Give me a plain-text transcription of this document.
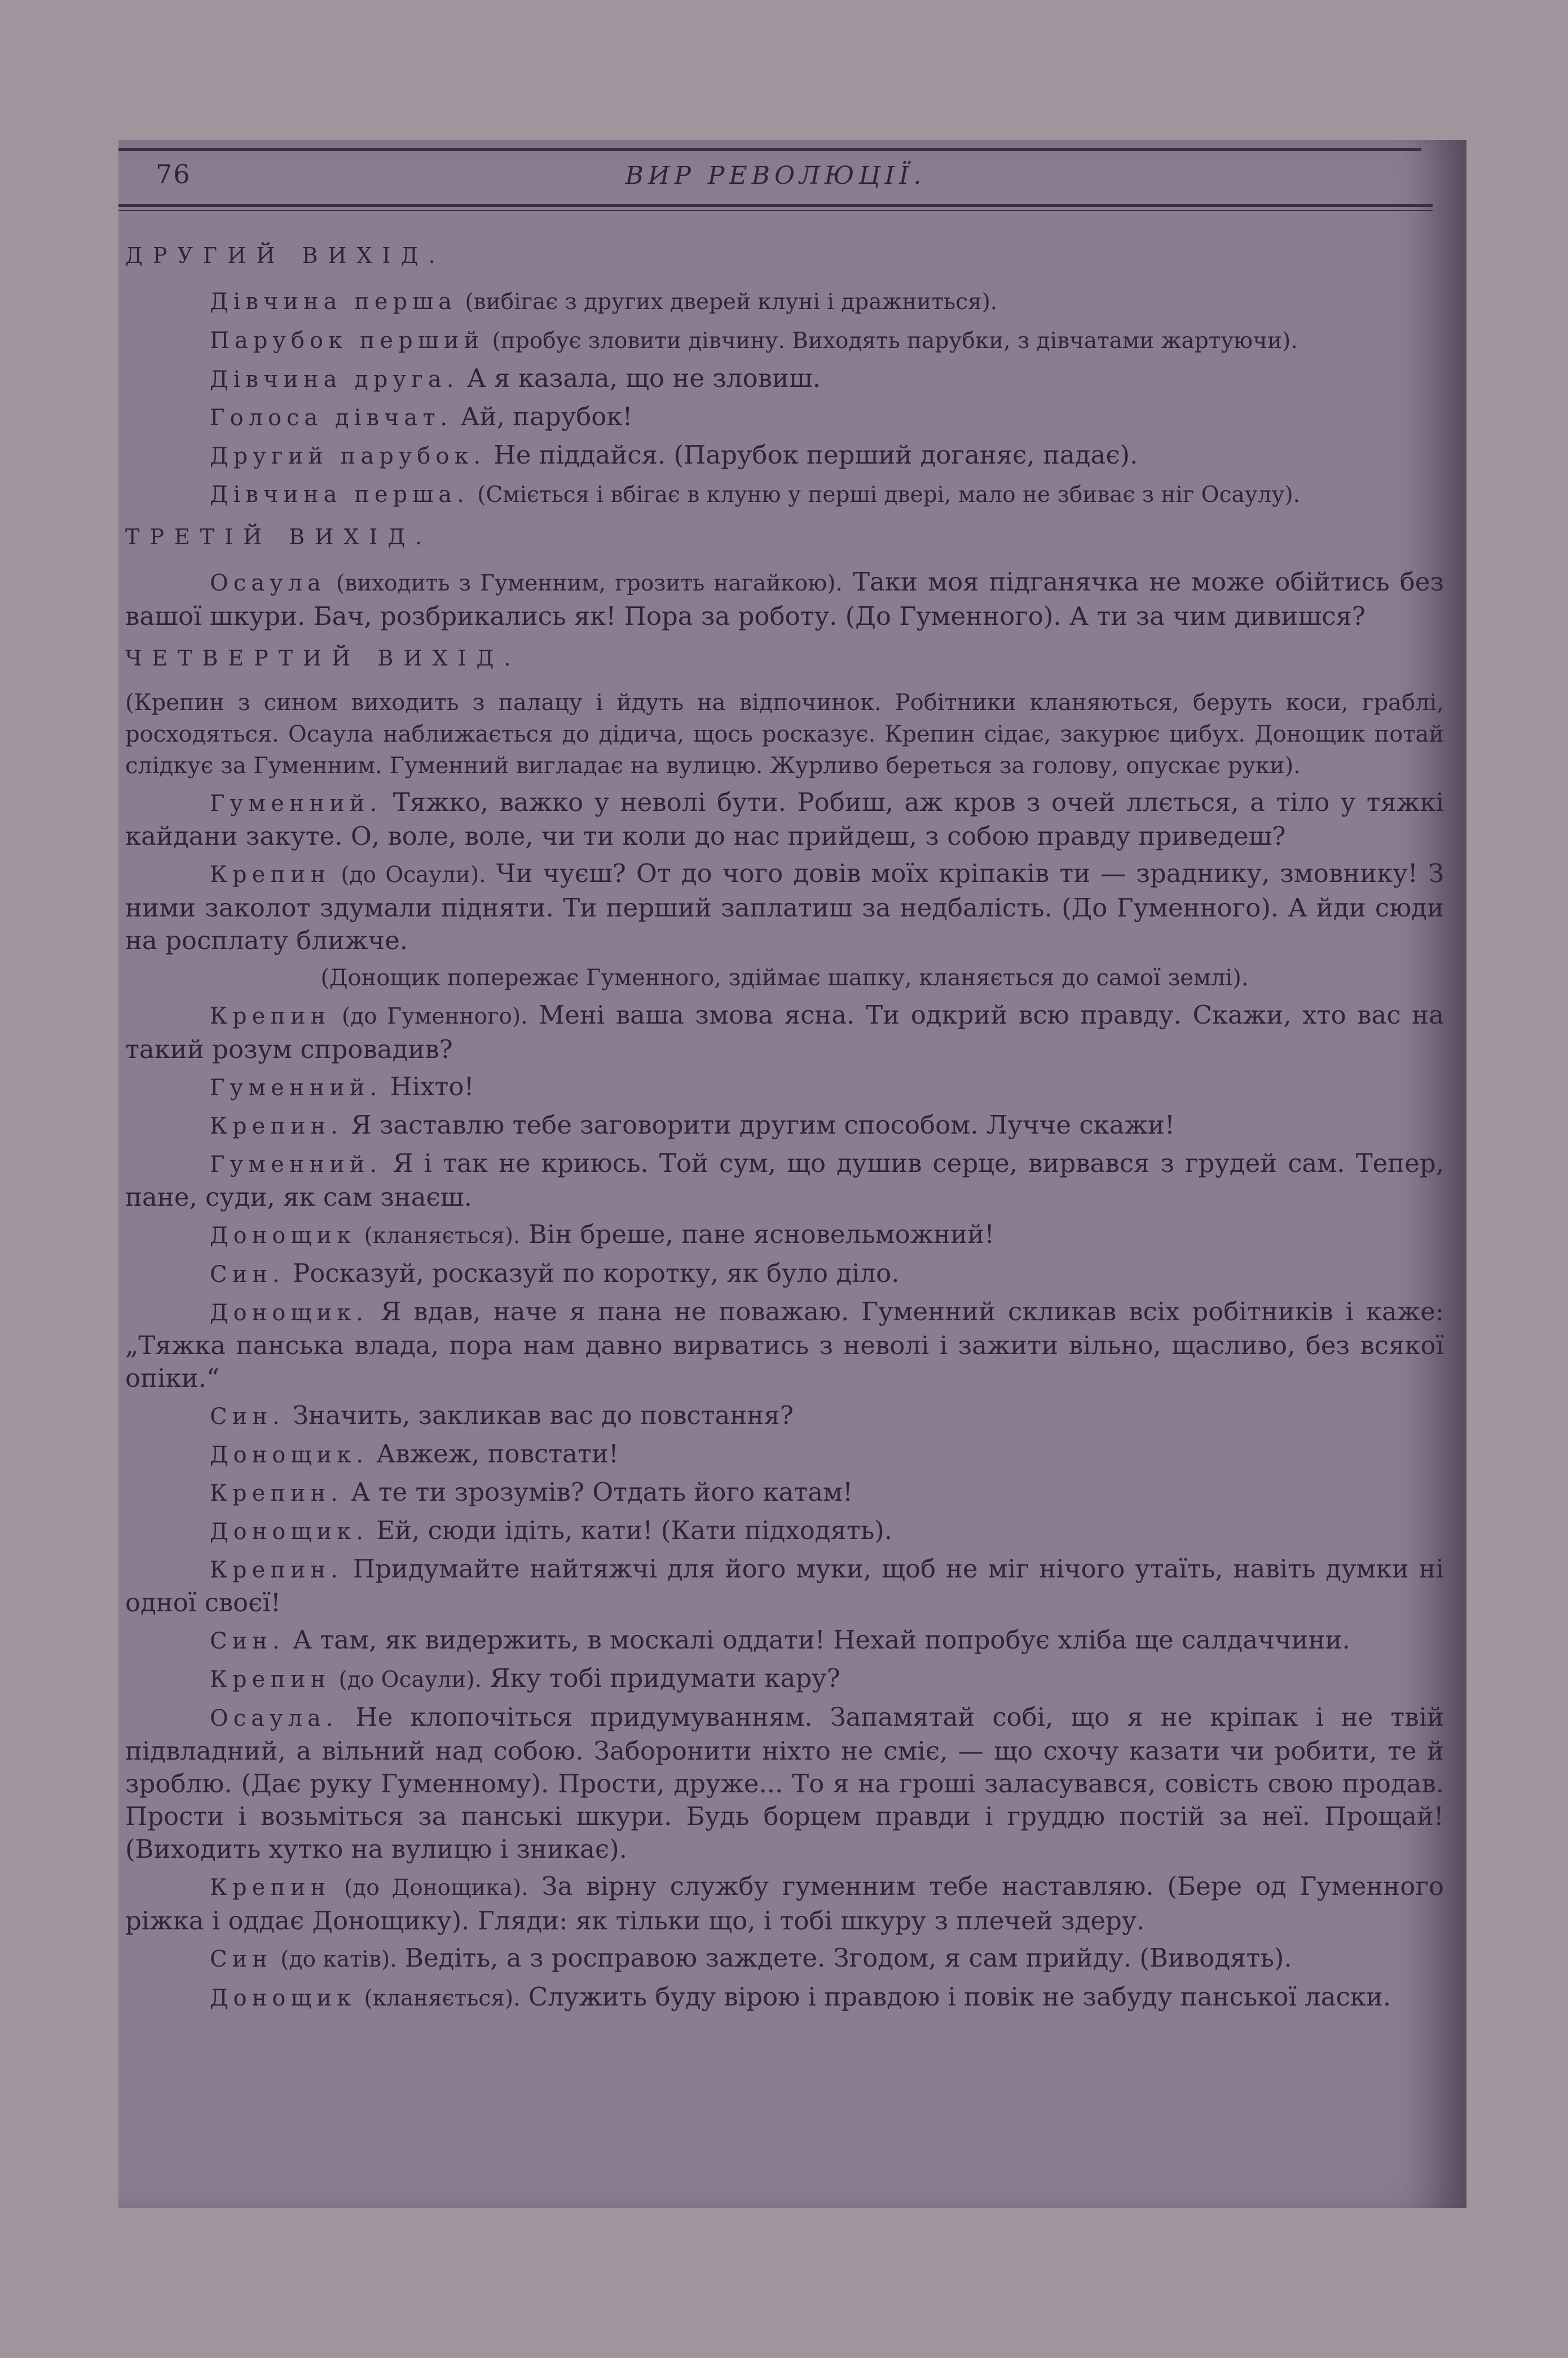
76	ВИР РЕВОЛЮЦІЇ.

ДРУГИЙ ВИХІД.

Дівчина перша (вибігає з других дверей клуні і дражниться).

Парубок перший (пробує зловити дівчину. Виходять парубки, з дівчатами жартуючи).

Дівчина друга. А я казала, що не зловиш.

Голоса дівчат. Ай, парубок!

Другий парубок. Не піддайся. (Парубок перший доганяє, падає).

Дівчина перша. (Сміється і вбігає в клуню у перші двері, мало не збиває з ніг Осаулу).

ТРЕТІЙ ВИХІД.

Осаула (виходить з Гуменним, грозить нагайкою). Таки моя підганячка не може обійтись без вашої шкури. Бач, розбрикались як! Пора за роботу. (До Гуменного). А ти за чим дивишся?

ЧЕТВЕРТИЙ ВИХІД.

(Крепин з сином виходить з палацу і йдуть на відпочинок. Робітники кланяються, беруть коси, граблі, росходяться. Осаула наближається до дідича, щось росказує. Крепин сідає, закурює цибух. Донощик потай слідкує за Гуменним. Гуменний вигладає на вулицю. Журливо береться за голову, опускає руки).

Гуменний. Тяжко, важко у неволі бути. Робиш, аж кров з очей ллється, а тіло у тяжкі кайдани закуте. О, воле, воле, чи ти коли до нас прийдеш, з собою правду приведеш?

Крепин (до Осаули). Чи чуєш? От до чого довів моїх кріпаків ти — зраднику, змовнику! З ними заколот здумали підняти. Ти перший заплатиш за недбалість. (До Гуменного). А йди сюди на росплату ближче.

(Донощик попережає Гуменного, здіймає шапку, кланяється до самої землі).

Крепин (до Гуменного). Мені ваша змова ясна. Ти одкрий всю правду. Скажи, хто вас на такий розум спровадив?

Гуменний. Ніхто!

Крепин. Я заставлю тебе заговорити другим способом. Лучче скажи!

Гуменний. Я і так не криюсь. Той сум, що душив серце, вирвався з грудей сам. Тепер, пане, суди, як сам знаєш.

Донощик (кланяється). Він бреше, пане ясновельможний!

Син. Росказуй, росказуй по коротку, як було діло.

Донощик. Я вдав, наче я пана не поважаю. Гуменний скликав всіх робітників і каже: „Тяжка панська влада, пора нам давно вирватись з неволі і зажити вільно, щасливо, без всякої опіки.“

Син. Значить, закликав вас до повстання?

Донощик. Авжеж, повстати!

Крепин. А те ти зрозумів? Отдать його катам!

Донощик. Ей, сюди ідіть, кати! (Кати підходять).

Крепин. Придумайте найтяжчі для його муки, щоб не міг нічого утаїть, навіть думки ні одної своєї!

Син. А там, як видержить, в москалі оддати! Нехай попробує хліба ще салдаччини.

Крепин (до Осаули). Яку тобі придумати кару?

Осаула. Не клопочіться придумуванням. Запамятай собі, що я не кріпак і не твій підвладний, а вільний над собою. Заборонити ніхто не сміє, — що схочу казати чи робити, те й зроблю. (Дає руку Гуменному). Прости, друже... То я на гроші заласувався, совість свою продав. Прости і возьміться за панські шкури. Будь борцем правди і груддю постій за неї. Прощай! (Виходить хутко на вулицю і зникає).

Крепин (до Донощика). За вірну службу гуменним тебе наставляю. (Бере од Гуменного ріжка і оддає Донощику). Гляди: як тільки що, і тобі шкуру з плечей здеру.

Син (до катів). Ведіть, а з росправою заждете. Згодом, я сам прийду. (Виводять).

Донощик (кланяється). Служить буду вірою і правдою і повік не забуду панської ласки.
